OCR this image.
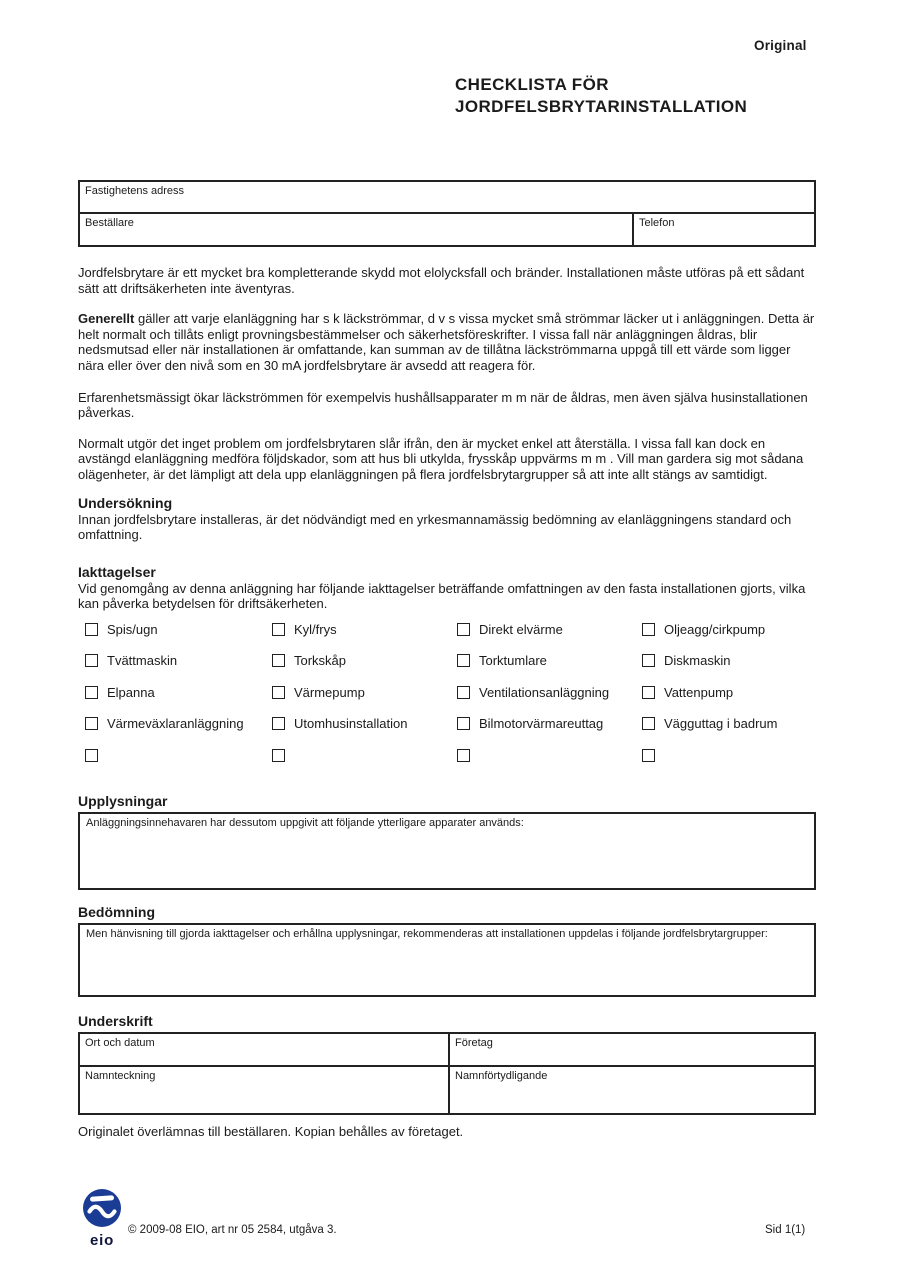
Original
CHECKLISTA FÖR
JORDFELSBRYTARINSTALLATION
Fastighetens adress
Beställare	Telefon

Jordfelsbrytare är ett mycket bra kompletterande skydd mot elolycksfall och bränder. Installationen måste utföras på ett sådant sätt att driftsäkerheten inte äventyras.

Generellt gäller att varje elanläggning har s k läckströmmar, d v s vissa mycket små strömmar läcker ut i anläggningen. Detta är helt normalt och tillåts enligt provningsbestämmelser och säkerhetsföreskrifter. I vissa fall när anläggningen åldras, blir nedsmutsad eller när installationen är omfattande, kan summan av de tillåtna läckströmmarna uppgå till ett värde som ligger nära eller över den nivå som en 30 mA jordfelsbrytare är avsedd att reagera för.

Erfarenhetsmässigt ökar läckströmmen för exempelvis hushållsapparater m m när de åldras, men även själva husinstallationen påverkas.

Normalt utgör det inget problem om jordfelsbrytaren slår ifrån, den är mycket enkel att återställa. I vissa fall kan dock en avstängd elanläggning medföra följdskador, som att hus bli utkylda, frysskåp uppvärms m m . Vill man gardera sig mot sådana olägenheter, är det lämpligt att dela upp elanläggningen på flera jordfelsbrytargrupper så att inte allt stängs av samtidigt.

Undersökning

Innan jordfelsbrytare installeras, är det nödvändigt med en yrkesmannamässig bedömning av elanläggningens standard och omfattning.

Iakttagelser

Vid genomgång av denna anläggning har följande iakttagelser beträffande omfattningen av den fasta installationen gjorts, vilka kan påverka betydelsen för driftsäkerheten.

Spis/ugn	Kyl/frys	Direkt elvärme	Oljeagg/cirkpump
Tvättmaskin	Torkskåp	Torktumlare	Diskmaskin
Elpanna	Värmepump	Ventilationsanläggning	Vattenpump
Värmeväxlaranläggning	Utomhusinstallation	Bilmotorvärmareuttag	Vägguttag i badrum
Upplysningar
Anläggningsinnehavaren har dessutom uppgivit att följande ytterligare apparater används:
Bedömning
Men hänvisning till gjorda iakttagelser och erhållna upplysningar, rekommenderas att installationen uppdelas i följande jordfelsbrytargrupper:
Underskrift
Ort och datum	Företag
Namnteckning	Namnförtydligande

Originalet överlämnas till beställaren. Kopian behålles av företaget.

eio
© 2009-08 EIO, art nr 05 2584, utgåva 3.	Sid 1(1)
